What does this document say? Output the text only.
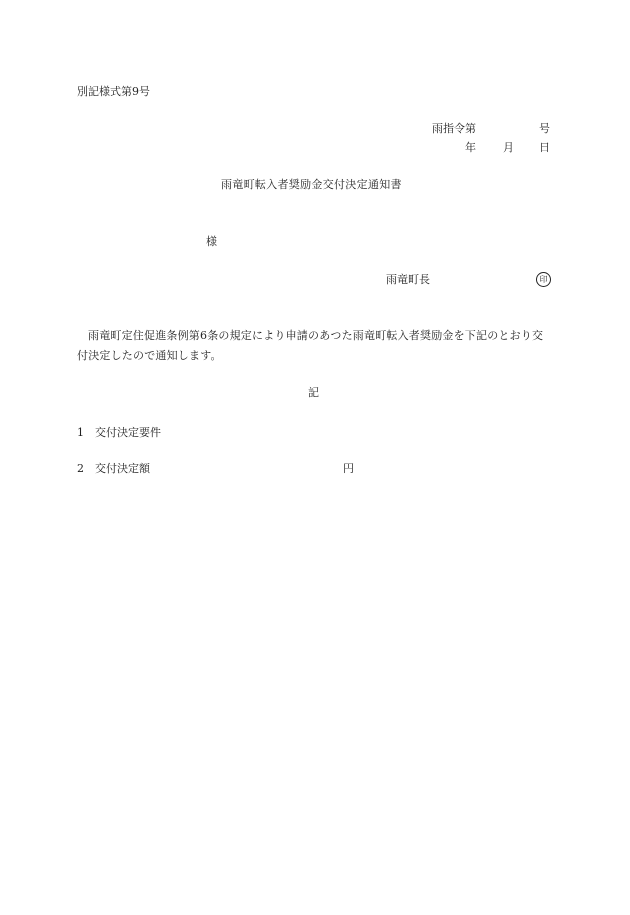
別記様式第9号
雨指令第	号
年 月 日
雨竜町転入者奨励金交付決定通知書
様
雨竜町長	印
雨竜町定住促進条例第6条の規定により申請のあつた雨竜町転入者奨励金を下記のとおり交付決定したので通知します。
記
1 交付決定要件
2 交付決定額	円
